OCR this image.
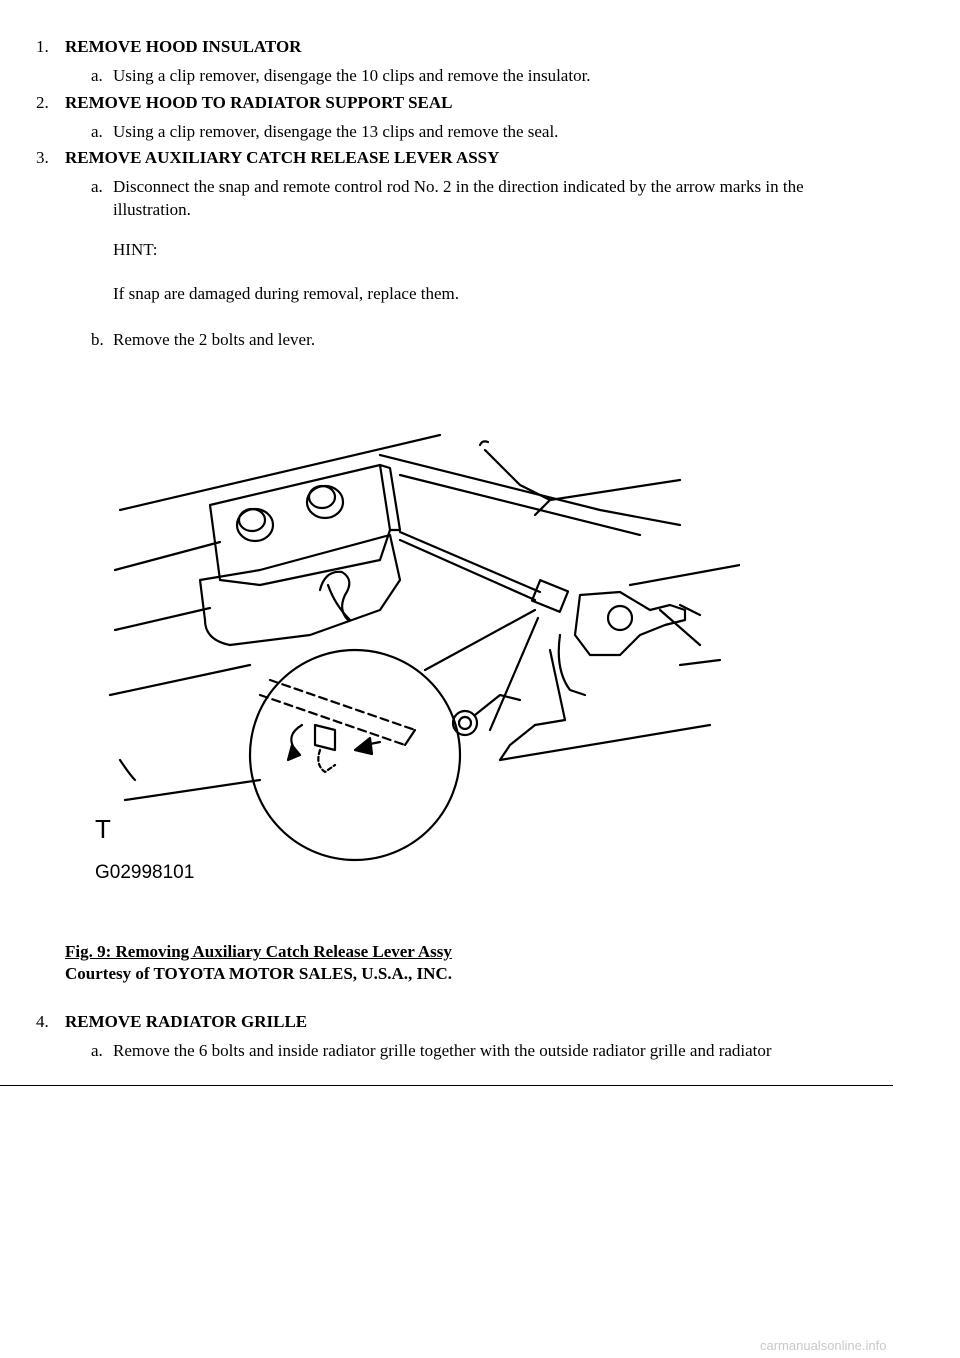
1. REMOVE HOOD INSULATOR
a. Using a clip remover, disengage the 10 clips and remove the insulator.
2. REMOVE HOOD TO RADIATOR SUPPORT SEAL
a. Using a clip remover, disengage the 13 clips and remove the seal.
3. REMOVE AUXILIARY CATCH RELEASE LEVER ASSY
a. Disconnect the snap and remote control rod No. 2 in the direction indicated by the arrow marks in the illustration.
HINT:
If snap are damaged during removal, replace them.
b. Remove the 2 bolts and lever.
T
G02998101
Fig. 9: Removing Auxiliary Catch Release Lever Assy
Courtesy of TOYOTA MOTOR SALES, U.S.A., INC.
4. REMOVE RADIATOR GRILLE
a. Remove the 6 bolts and inside radiator grille together with the outside radiator grille and radiator
carmanualsonline.info
